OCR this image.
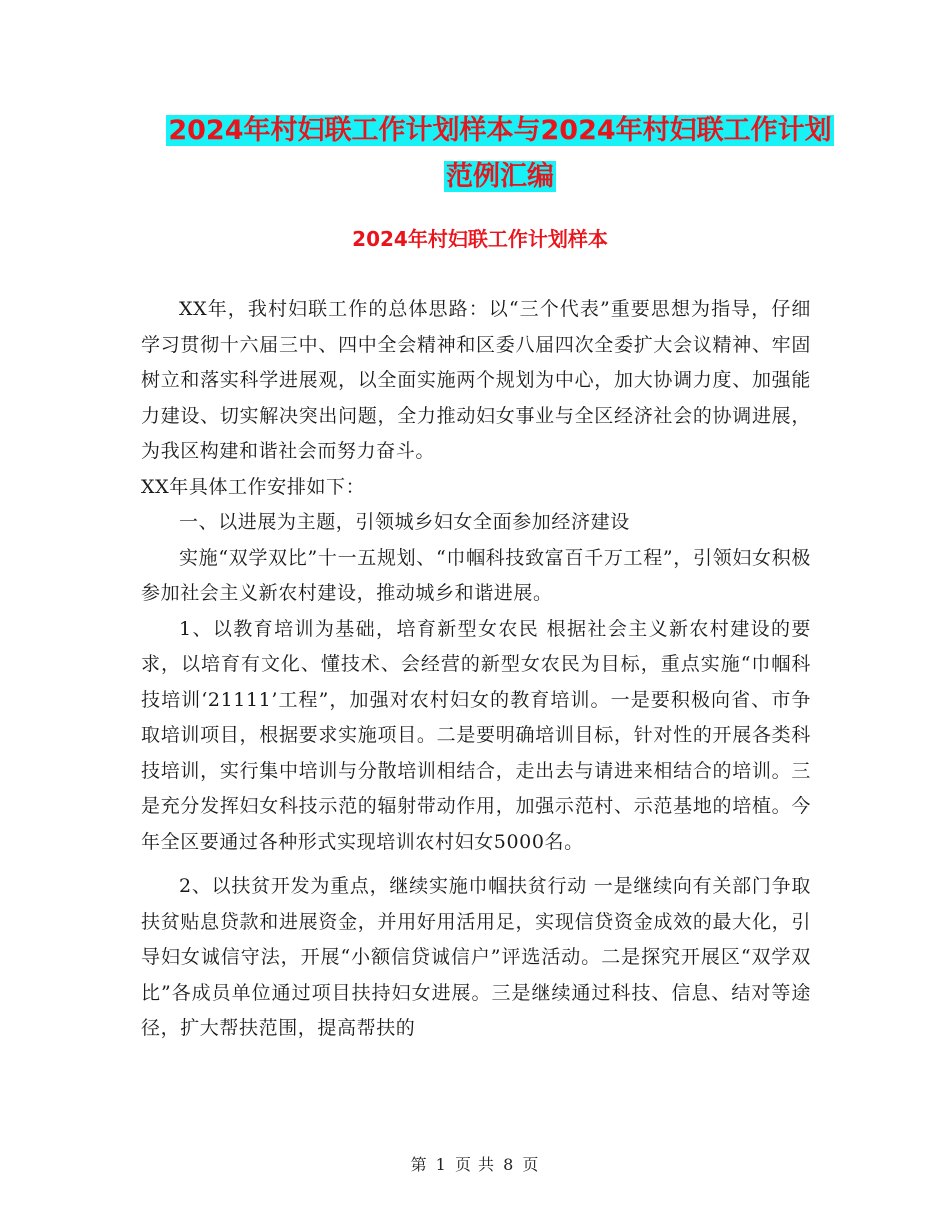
2024年村妇联工作计划样本与2024年村妇联工作计划
范例汇编
2024年村妇联工作计划样本

XX年，我村妇联工作的总体思路：以“三个代表”重要思想为指导，仔细学习贯彻十六届三中、四中全会精神和区委八届四次全委扩大会议精神、牢固树立和落实科学进展观，以全面实施两个规划为中心，加大协调力度、加强能力建设、切实解决突出问题，全力推动妇女事业与全区经济社会的协调进展，为我区构建和谐社会而努力奋斗。

XX年具体工作安排如下：

一、以进展为主题，引领城乡妇女全面参加经济建设

实施“双学双比”十一五规划、“巾帼科技致富百千万工程”，引领妇女积极参加社会主义新农村建设，推动城乡和谐进展。

1、以教育培训为基础，培育新型女农民 根据社会主义新农村建设的要求，以培育有文化、懂技术、会经营的新型女农民为目标，重点实施“巾帼科技培训‘21111’工程”，加强对农村妇女的教育培训。一是要积极向省、市争取培训项目，根据要求实施项目。二是要明确培训目标，针对性的开展各类科技培训，实行集中培训与分散培训相结合，走出去与请进来相结合的培训。三是充分发挥妇女科技示范的辐射带动作用，加强示范村、示范基地的培植。今年全区要通过各种形式实现培训农村妇女5000名。

2、以扶贫开发为重点，继续实施巾帼扶贫行动 一是继续向有关部门争取扶贫贴息贷款和进展资金，并用好用活用足，实现信贷资金成效的最大化，引导妇女诚信守法，开展“小额信贷诚信户”评选活动。二是探究开展区“双学双比”各成员单位通过项目扶持妇女进展。三是继续通过科技、信息、结对等途径，扩大帮扶范围，提高帮扶的

第 1 页 共 8 页
